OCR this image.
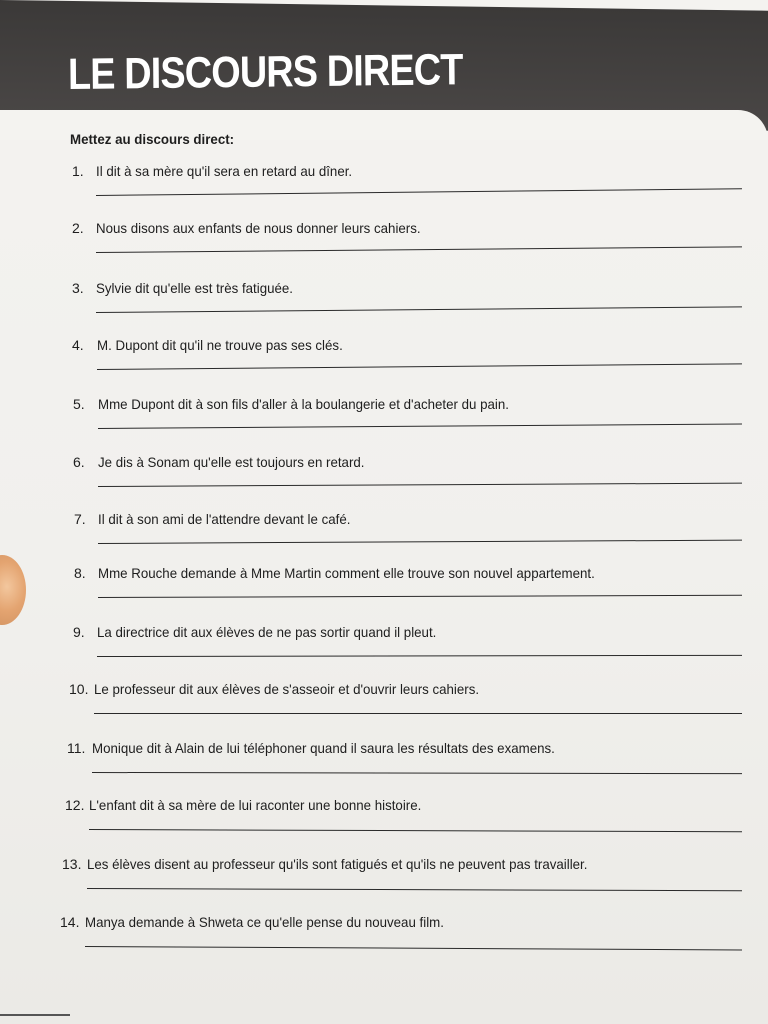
LE DISCOURS DIRECT

Mettez au discours direct:

1. Il dit à sa mère qu'il sera en retard au dîner.
2. Nous disons aux enfants de nous donner leurs cahiers.
3. Sylvie dit qu'elle est très fatiguée.
4. M. Dupont dit qu'il ne trouve pas ses clés.
5. Mme Dupont dit à son fils d'aller à la boulangerie et d'acheter du pain.
6. Je dis à Sonam qu'elle est toujours en retard.
7. Il dit à son ami de l'attendre devant le café.
8. Mme Rouche demande à Mme Martin comment elle trouve son nouvel appartement.
9. La directrice dit aux élèves de ne pas sortir quand il pleut.
10. Le professeur dit aux élèves de s'asseoir et d'ouvrir leurs cahiers.
11. Monique dit à Alain de lui téléphoner quand il saura les résultats des examens.
12. L'enfant dit à sa mère de lui raconter une bonne histoire.
13. Les élèves disent au professeur qu'ils sont fatigués et qu'ils ne peuvent pas travailler.
14. Manya demande à Shweta ce qu'elle pense du nouveau film.
